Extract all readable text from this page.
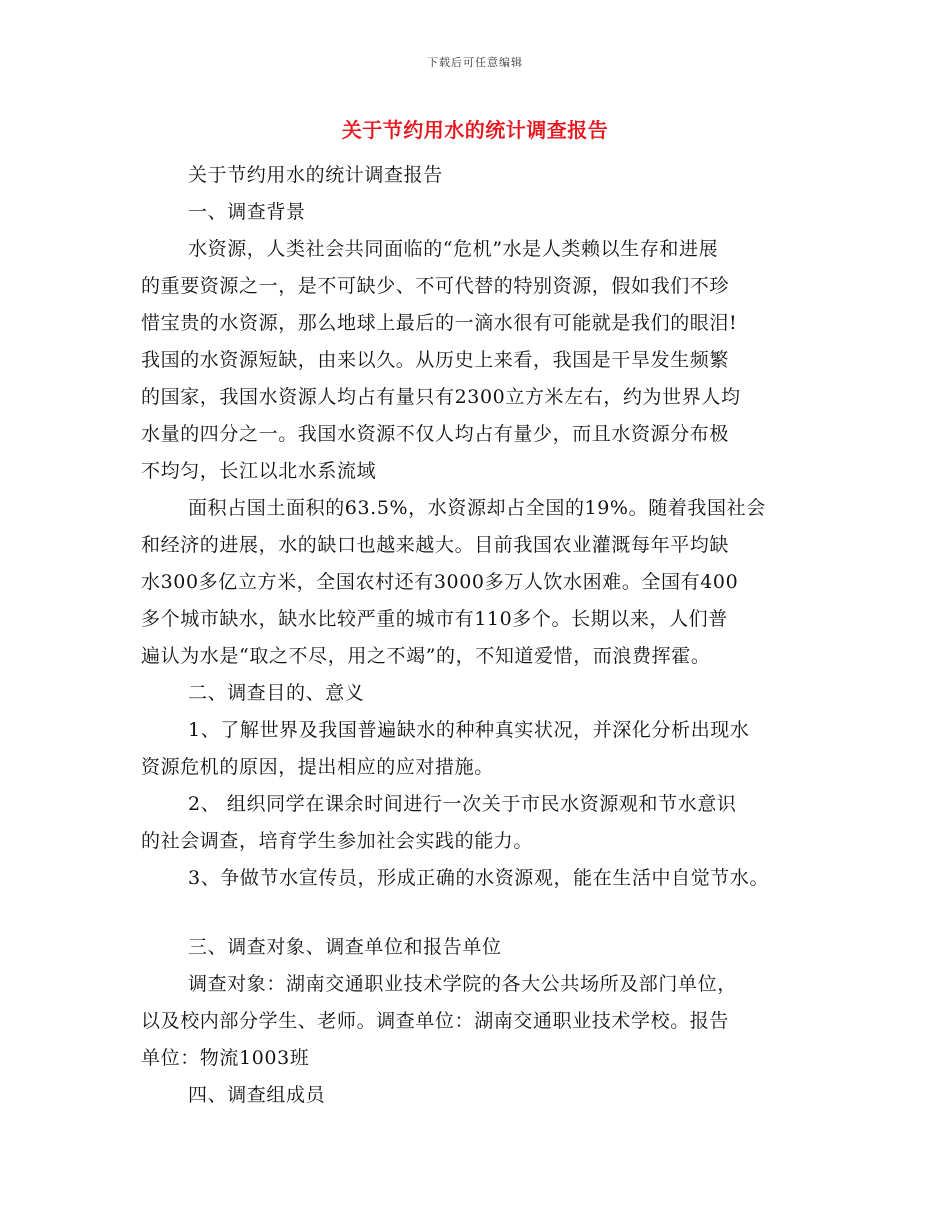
下载后可任意编辑
关于节约用水的统计调查报告
关于节约用水的统计调查报告
一、调查背景
水资源，人类社会共同面临的“危机”水是人类赖以生存和进展
的重要资源之一，是不可缺少、不可代替的特别资源，假如我们不珍
惜宝贵的水资源，那么地球上最后的一滴水很有可能就是我们的眼泪!
我国的水资源短缺，由来以久。从历史上来看，我国是干旱发生频繁
的国家，我国水资源人均占有量只有2300立方米左右，约为世界人均
水量的四分之一。我国水资源不仅人均占有量少，而且水资源分布极
不均匀，长江以北水系流域
面积占国土面积的63.5%，水资源却占全国的19%。随着我国社会
和经济的进展，水的缺口也越来越大。目前我国农业灌溉每年平均缺
水300多亿立方米，全国农村还有3000多万人饮水困难。全国有400
多个城市缺水，缺水比较严重的城市有110多个。长期以来，人们普
遍认为水是“取之不尽，用之不竭”的，不知道爱惜，而浪费挥霍。
二、调查目的、意义
1、了解世界及我国普遍缺水的种种真实状况，并深化分析出现水
资源危机的原因，提出相应的应对措施。
2、 组织同学在课余时间进行一次关于市民水资源观和节水意识
的社会调查，培育学生参加社会实践的能力。
3、争做节水宣传员，形成正确的水资源观，能在生活中自觉节水。
三、调查对象、调查单位和报告单位
调查对象：湖南交通职业技术学院的各大公共场所及部门单位，
以及校内部分学生、老师。调查单位：湖南交通职业技术学校。报告
单位：物流1003班
四、调查组成员
